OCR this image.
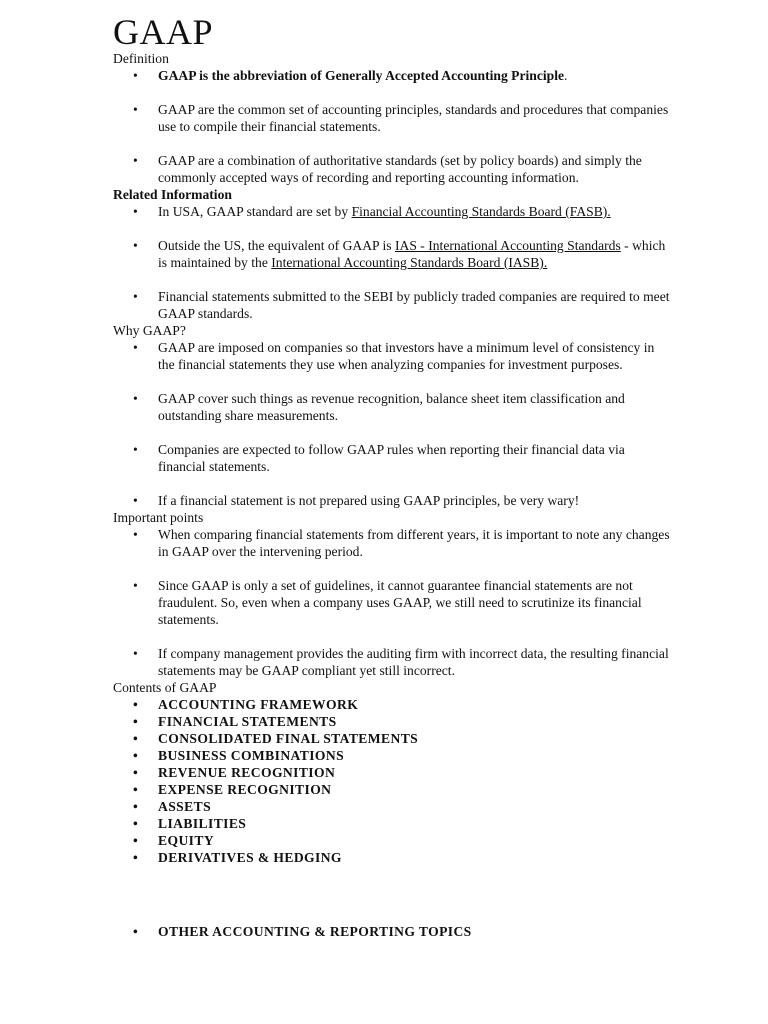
GAAP
Definition
• GAAP is the abbreviation of Generally Accepted Accounting Principle.
• GAAP are the common set of accounting principles, standards and procedures that companies use to compile their financial statements.
• GAAP are a combination of authoritative standards (set by policy boards) and simply the commonly accepted ways of recording and reporting accounting information.
Related Information
• In USA, GAAP standard are set by Financial Accounting Standards Board (FASB).
• Outside the US, the equivalent of GAAP is IAS - International Accounting Standards - which is maintained by the International Accounting Standards Board (IASB).
• Financial statements submitted to the SEBI by publicly traded companies are required to meet GAAP standards.
Why GAAP?
• GAAP are imposed on companies so that investors have a minimum level of consistency in the financial statements they use when analyzing companies for investment purposes.
• GAAP cover such things as revenue recognition, balance sheet item classification and outstanding share measurements.
• Companies are expected to follow GAAP rules when reporting their financial data via financial statements.
• If a financial statement is not prepared using GAAP principles, be very wary!
Important points
• When comparing financial statements from different years, it is important to note any changes in GAAP over the intervening period.
• Since GAAP is only a set of guidelines, it cannot guarantee financial statements are not fraudulent. So, even when a company uses GAAP, we still need to scrutinize its financial statements.
• If company management provides the auditing firm with incorrect data, the resulting financial statements may be GAAP compliant yet still incorrect.
Contents of GAAP
• ACCOUNTING FRAMEWORK
• FINANCIAL STATEMENTS
• CONSOLIDATED FINAL STATEMENTS
• BUSINESS COMBINATIONS
• REVENUE RECOGNITION
• EXPENSE RECOGNITION
• ASSETS
• LIABILITIES
• EQUITY
• DERIVATIVES & HEDGING
• OTHER ACCOUNTING & REPORTING TOPICS
